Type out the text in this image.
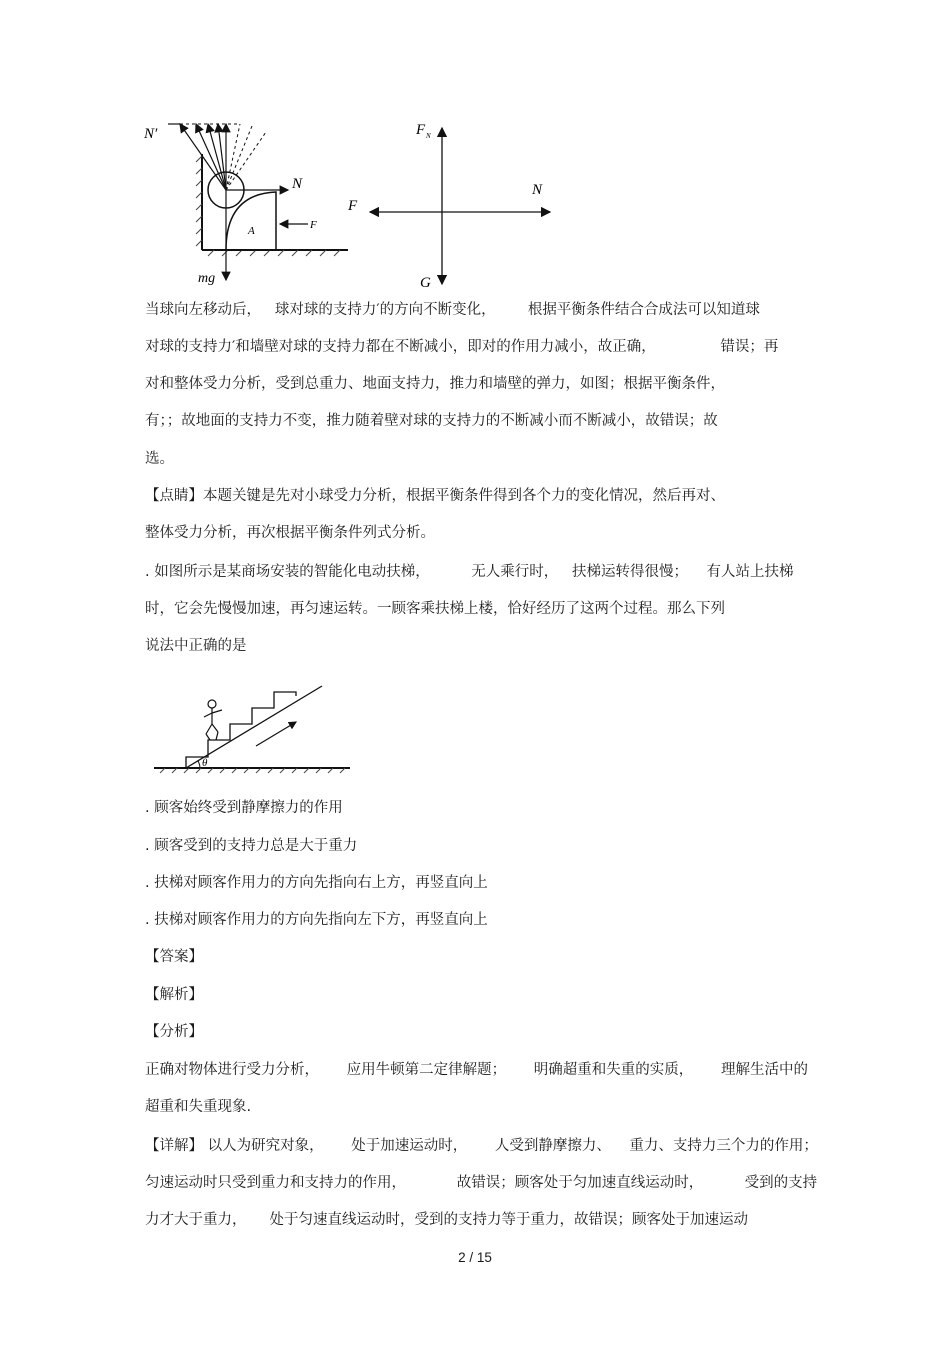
A
N′
N
F
mg
F N
N
F
G
当球向左移动后，   球对球的支持力′的方向不断变化，       根据平衡条件结合合成法可以知道球
对球的支持力′和墙壁对球的支持力都在不断减小，即对的作用力减小，故正确，              错误；再
对和整体受力分析，受到总重力、地面支持力，推力和墙壁的弹力，如图；根据平衡条件，
有；；故地面的支持力不变，推力随着壁对球的支持力的不断减小而不断减小，故错误；故
选。
【点睛】本题关键是先对小球受力分析，根据平衡条件得到各个力的变化情况，然后再对、
整体受力分析，再次根据平衡条件列式分析。
. 如图所示是某商场安装的智能化电动扶梯，         无人乘行时，   扶梯运转得很慢；    有人站上扶梯
时，它会先慢慢加速，再匀速运转。一顾客乘扶梯上楼，恰好经历了这两个过程。那么下列
说法中正确的是
θ
. 顾客始终受到静摩擦力的作用
. 顾客受到的支持力总是大于重力
. 扶梯对顾客作用力的方向先指向右上方，再竖直向上
. 扶梯对顾客作用力的方向先指向左下方，再竖直向上
【答案】
【解析】
【分析】
正确对物体进行受力分析，      应用牛顿第二定律解题；      明确超重和失重的实质，      理解生活中的
超重和失重现象.
【详解】 以人为研究对象，      处于加速运动时，      人受到静摩擦力、    重力、支持力三个力的作用；
匀速运动时只受到重力和支持力的作用，           故错误；顾客处于匀加速直线运动时，         受到的支持
力才大于重力，     处于匀速直线运动时，受到的支持力等于重力，故错误；顾客处于加速运动
2 / 15
